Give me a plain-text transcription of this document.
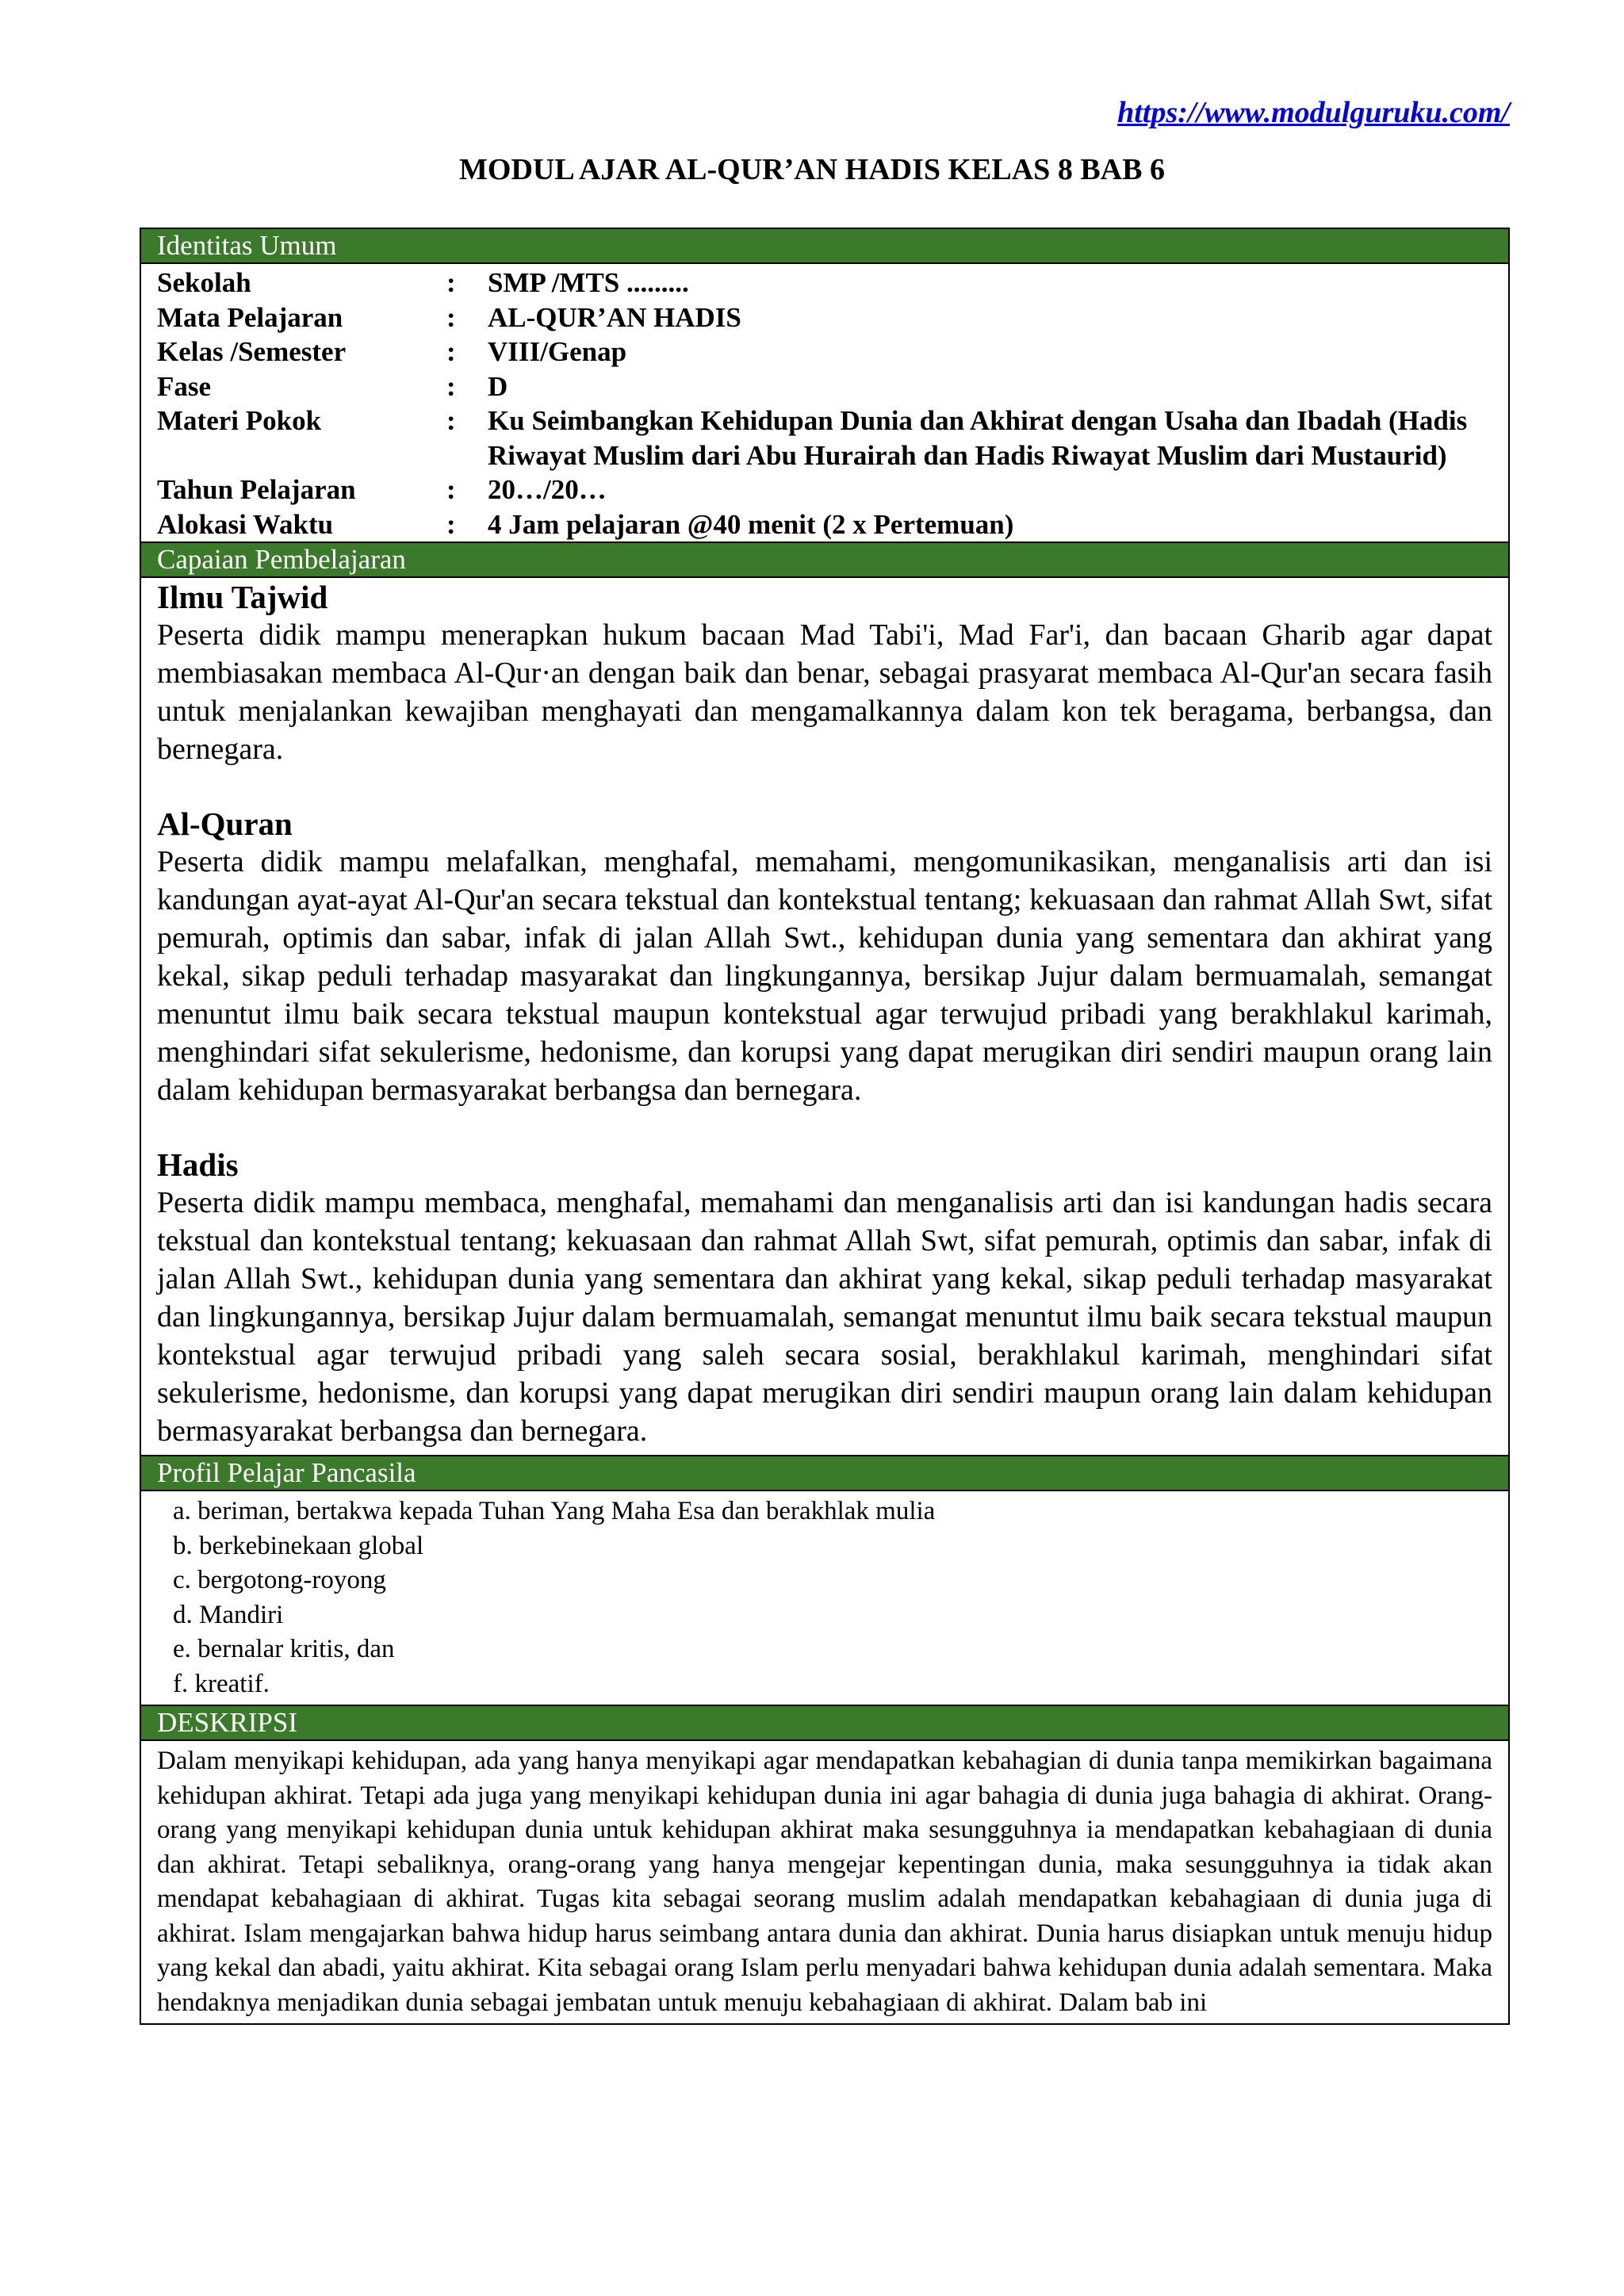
https://www.modulguruku.com/
MODUL AJAR AL-QUR’AN HADIS KELAS 8 BAB 6
Identitas Umum
Sekolah	:	SMP /MTS .........
Mata Pelajaran	:	AL-QUR’AN HADIS
Kelas /Semester	:	VIII/Genap
Fase	:	D
Materi Pokok	:	Ku Seimbangkan Kehidupan Dunia dan Akhirat dengan Usaha dan Ibadah (Hadis Riwayat Muslim dari Abu Hurairah dan Hadis Riwayat Muslim dari Mustaurid)
Tahun Pelajaran	:	20…/20…
Alokasi Waktu	:	4 Jam pelajaran @40 menit (2 x Pertemuan)
Capaian Pembelajaran
Ilmu Tajwid

Peserta didik mampu menerapkan hukum bacaan Mad Tabi'i, Mad Far'i, dan bacaan Gharib agar dapat membiasakan membaca Al-Qur·an dengan baik dan benar, sebagai prasyarat membaca Al-Qur'an secara fasih untuk menjalankan kewajiban menghayati dan mengamalkannya dalam kon tek beragama, berbangsa, dan bernegara.

Al-Quran

Peserta didik mampu melafalkan, menghafal, memahami, mengomunikasikan, menganalisis arti dan isi kandungan ayat-ayat Al-Qur'an secara tekstual dan kontekstual tentang; kekuasaan dan rahmat Allah Swt, sifat pemurah, optimis dan sabar, infak di jalan Allah Swt., kehidupan dunia yang sementara dan akhirat yang kekal, sikap peduli terhadap masyarakat dan lingkungannya, bersikap Jujur dalam bermuamalah, semangat menuntut ilmu baik secara tekstual maupun kontekstual agar terwujud pribadi yang berakhlakul karimah, menghindari sifat sekulerisme, hedonisme, dan korupsi yang dapat merugikan diri sendiri maupun orang lain dalam kehidupan bermasyarakat berbangsa dan bernegara.

Hadis

Peserta didik mampu membaca, menghafal, memahami dan menganalisis arti dan isi kandungan hadis secara tekstual dan kontekstual tentang; kekuasaan dan rahmat Allah Swt, sifat pemurah, optimis dan sabar, infak di jalan Allah Swt., kehidupan dunia yang sementara dan akhirat yang kekal, sikap peduli terhadap masyarakat dan lingkungannya, bersikap Jujur dalam bermuamalah, semangat menuntut ilmu baik secara tekstual maupun kontekstual agar terwujud pribadi yang saleh secara sosial, berakhlakul karimah, menghindari sifat sekulerisme, hedonisme, dan korupsi yang dapat merugikan diri sendiri maupun orang lain dalam kehidupan bermasyarakat berbangsa dan bernegara.

Profil Pelajar Pancasila
a. beriman, bertakwa kepada Tuhan Yang Maha Esa dan berakhlak mulia
b. berkebinekaan global
c. bergotong-royong
d. Mandiri
e. bernalar kritis, dan
f. kreatif.
DESKRIPSI

Dalam menyikapi kehidupan, ada yang hanya menyikapi agar mendapatkan kebahagian di dunia tanpa memikirkan bagaimana kehidupan akhirat. Tetapi ada juga yang menyikapi kehidupan dunia ini agar bahagia di dunia juga bahagia di akhirat. Orang-orang yang menyikapi kehidupan dunia untuk kehidupan akhirat maka sesungguhnya ia mendapatkan kebahagiaan di dunia dan akhirat. Tetapi sebaliknya, orang-orang yang hanya mengejar kepentingan dunia, maka sesungguhnya ia tidak akan mendapat kebahagiaan di akhirat. Tugas kita sebagai seorang muslim adalah mendapatkan kebahagiaan di dunia juga di akhirat. Islam mengajarkan bahwa hidup harus seimbang antara dunia dan akhirat. Dunia harus disiapkan untuk menuju hidup yang kekal dan abadi, yaitu akhirat. Kita sebagai orang Islam perlu menyadari bahwa kehidupan dunia adalah sementara. Maka hendaknya menjadikan dunia sebagai jembatan untuk menuju kebahagiaan di akhirat. Dalam bab ini
